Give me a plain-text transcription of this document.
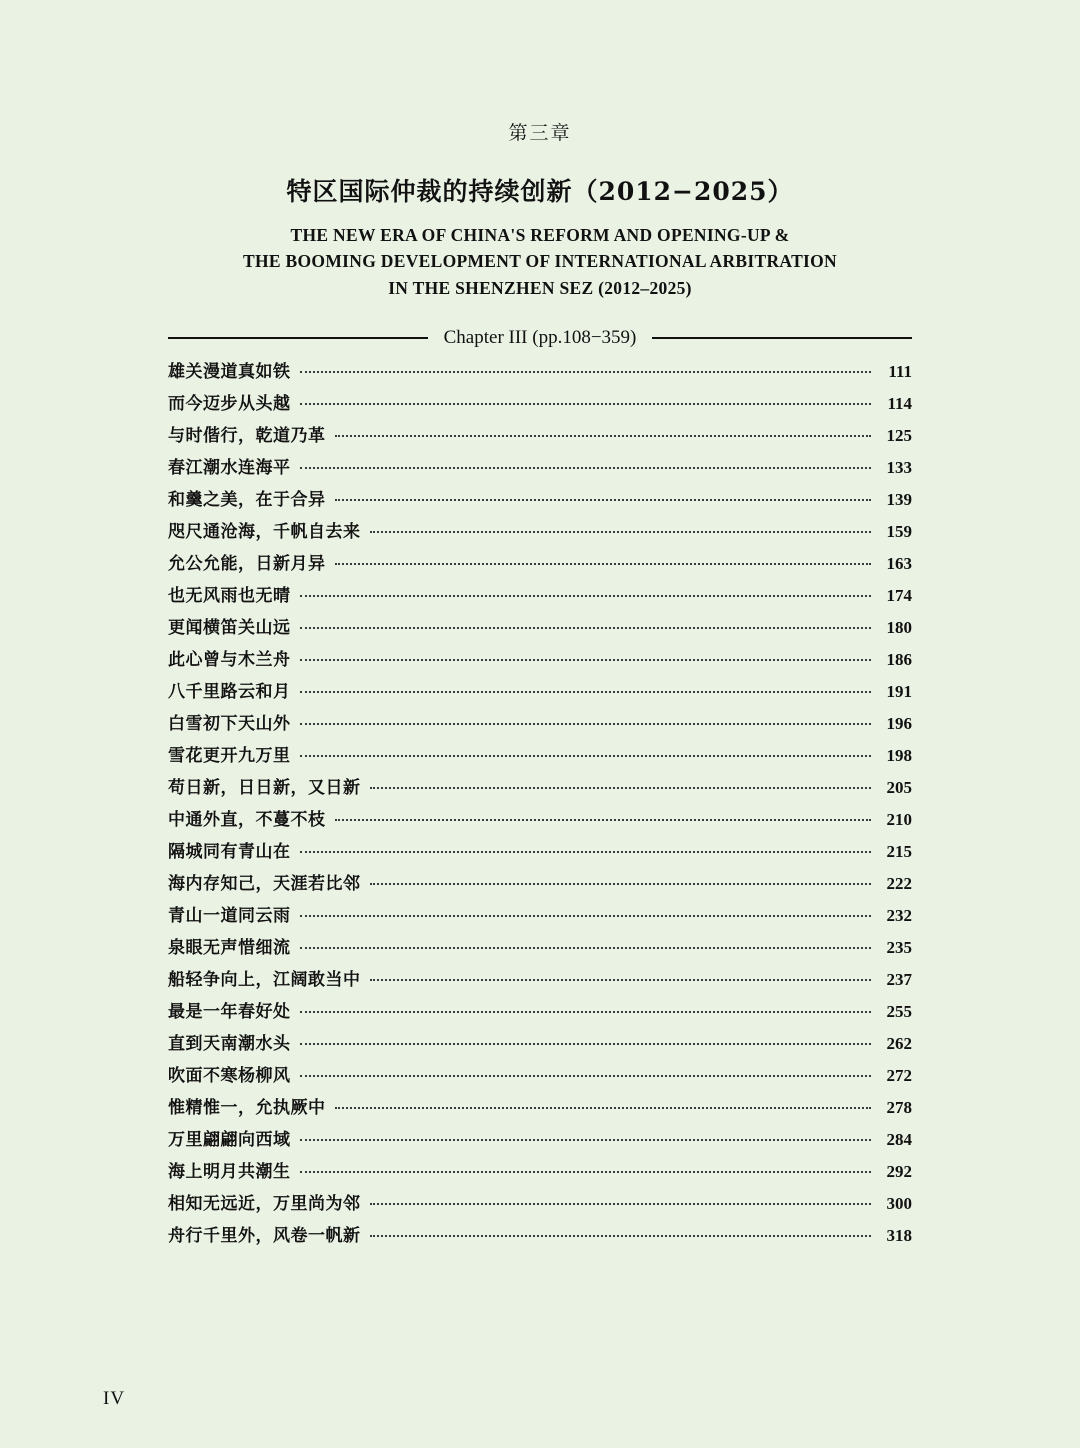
第三章
特区国际仲裁的持续创新（2012−2025）
THE NEW ERA OF CHINA'S REFORM AND OPENING-UP &
THE BOOMING DEVELOPMENT OF INTERNATIONAL ARBITRATION
IN THE SHENZHEN SEZ (2012–2025)
Chapter III (pp.108−359)
雄关漫道真如铁	111
而今迈步从头越	114
与时偕行，乾道乃革	125
春江潮水连海平	133
和羹之美，在于合异	139
咫尺通沧海，千帆自去来	159
允公允能，日新月异	163
也无风雨也无晴	174
更闻横笛关山远	180
此心曾与木兰舟	186
八千里路云和月	191
白雪初下天山外	196
雪花更开九万里	198
苟日新，日日新，又日新	205
中通外直，不蔓不枝	210
隔城同有青山在	215
海内存知己，天涯若比邻	222
青山一道同云雨	232
泉眼无声惜细流	235
船轻争向上，江阔敢当中	237
最是一年春好处	255
直到天南潮水头	262
吹面不寒杨柳风	272
惟精惟一，允执厥中	278
万里翩翩向西域	284
海上明月共潮生	292
相知无远近，万里尚为邻	300
舟行千里外，风卷一帆新	318
IV
